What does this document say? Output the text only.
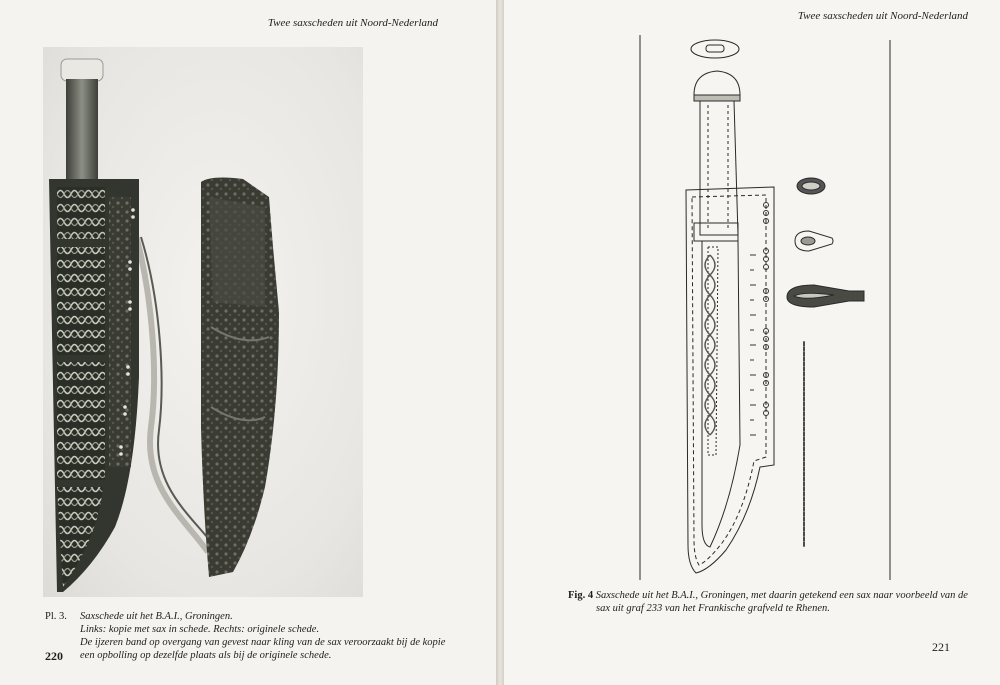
Twee saxscheden uit Noord-Nederland
Pl. 3. Saxschede uit het B.A.I., Groningen.
Links: kopie met sax in schede. Rechts: originele schede.
De ijzeren band op overgang van gevest naar kling van de sax veroorzaakt bij de kopie
een opbolling op dezelfde plaats als bij de originele schede.
220
Twee saxscheden uit Noord-Nederland
Fig. 4 Saxschede uit het B.A.I., Groningen, met daarin getekend een sax naar voorbeeld van de
sax uit graf 233 van het Frankische grafveld te Rhenen.
221
